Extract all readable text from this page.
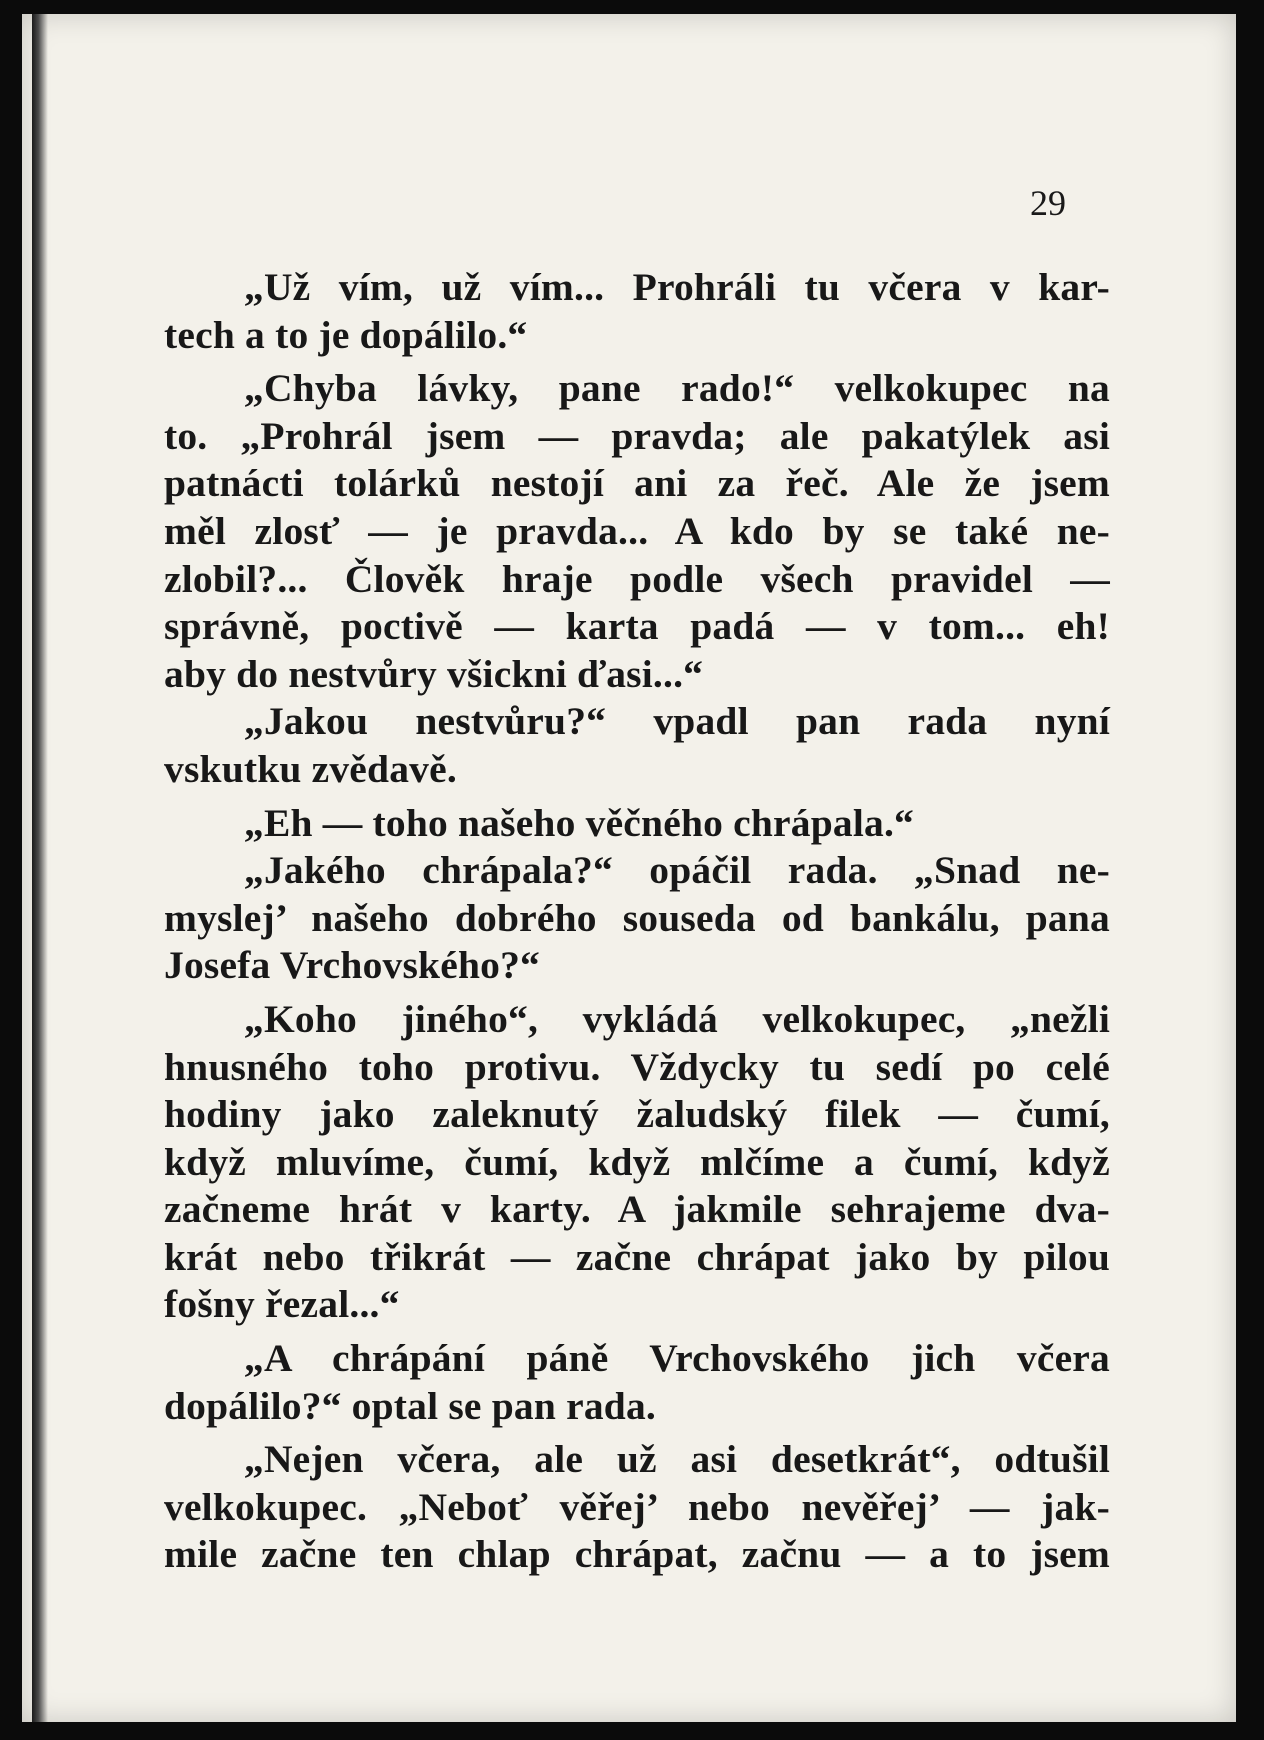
29
„Už vím, už vím... Prohráli tu včera v kar-
tech a to je dopálilo.“
„Chyba lávky, pane rado!“ velkokupec na
to. „Prohrál jsem — pravda; ale pakatýlek asi
patnácti tolárků nestojí ani za řeč. Ale že jsem
měl zlosť — je pravda... A kdo by se také ne-
zlobil?... Člověk hraje podle všech pravidel —
správně, poctivě — karta padá — v tom... eh!
aby do nestvůry všickni ďasi...“
„Jakou nestvůru?“ vpadl pan rada nyní
vskutku zvědavě.
„Eh — toho našeho věčného chrápala.“
„Jakého chrápala?“ opáčil rada. „Snad ne-
myslej’ našeho dobrého souseda od bankálu, pana
Josefa Vrchovského?“
„Koho jiného“, vykládá velkokupec, „nežli
hnusného toho protivu. Vždycky tu sedí po celé
hodiny jako zaleknutý žaludský filek — čumí,
když mluvíme, čumí, když mlčíme a čumí, když
začneme hrát v karty. A jakmile sehrajeme dva-
krát nebo třikrát — začne chrápat jako by pilou
fošny řezal...“
„A chrápání páně Vrchovského jich včera
dopálilo?“ optal se pan rada.
„Nejen včera, ale už asi desetkrát“, odtušil
velkokupec. „Neboť věřej’ nebo nevěřej’ — jak-
mile začne ten chlap chrápat, začnu — a to jsem
